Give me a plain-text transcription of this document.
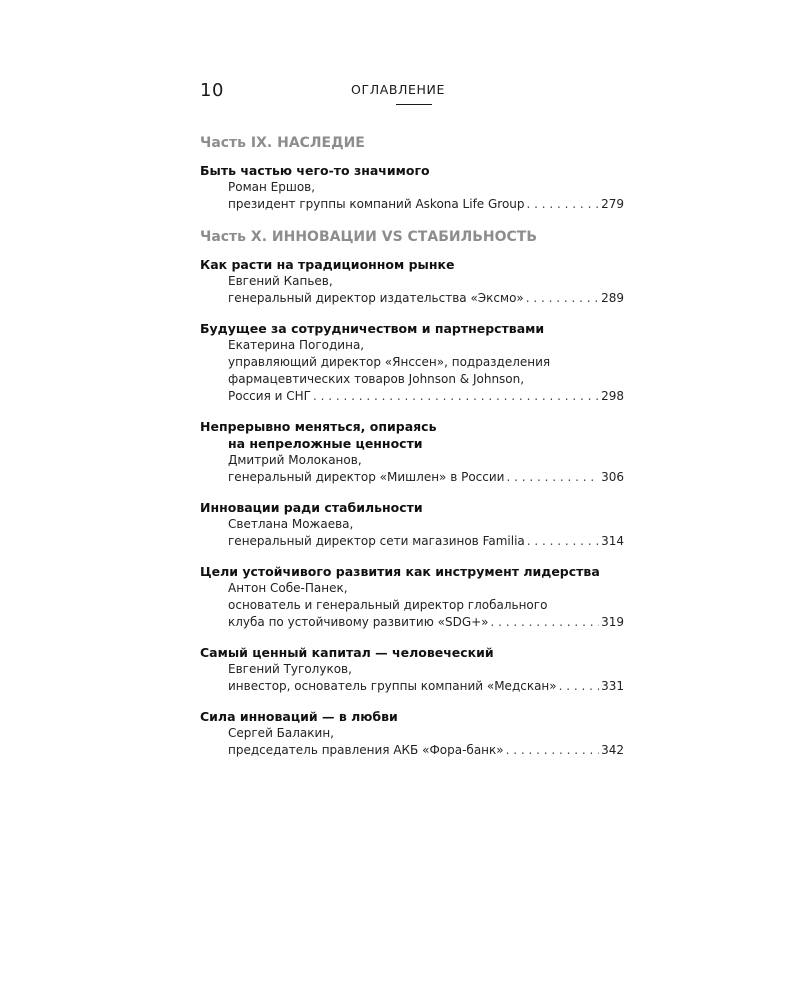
10	ОГЛАВЛЕНИЕ
Часть IX. НАСЛЕДИЕ
Быть частью чего-то значимого
Роман Ершов,
президент группы компаний Askona Life Group . . .	279
Часть X. ИННОВАЦИИ VS СТАБИЛЬНОСТЬ
Как расти на традиционном рынке
Евгений Капьев,
генеральный директор издательства «Эксмо» . . .	289
Будущее за сотрудничеством и партнерствами
Екатерина Погодина,
управляющий директор «Янссен», подразделения
фармацевтических товаров Johnson & Johnson,
Россия и СНГ . . .	298
Непрерывно меняться, опираясь
на непреложные ценности
Дмитрий Молоканов,
генеральный директор «Мишлен» в России . . .	306
Инновации ради стабильности
Светлана Можаева,
генеральный директор сети магазинов Familia . . .	314
Цели устойчивого развития как инструмент лидерства
Антон Собе-Панек,
основатель и генеральный директор глобального
клуба по устойчивому развитию «SDG+» . . .	319
Самый ценный капитал — человеческий
Евгений Туголуков,
инвестор, основатель группы компаний «Медскан» . . .	331
Сила инноваций — в любви
Сергей Балакин,
председатель правления АКБ «Фора-банк» . . .	342
